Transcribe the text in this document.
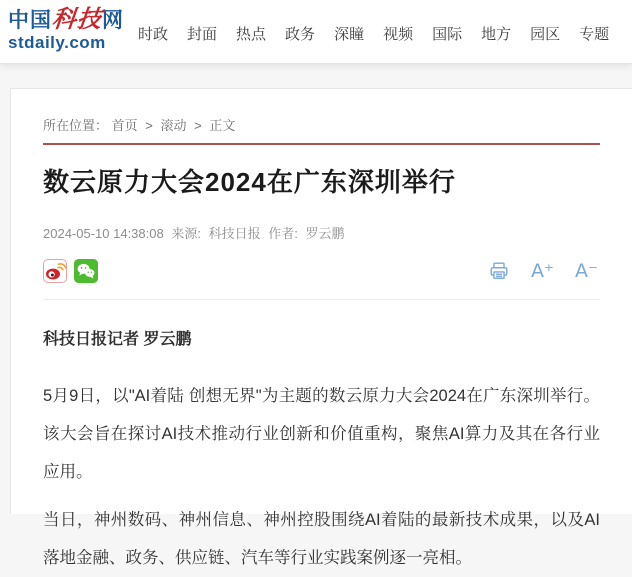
中国科技网
stdaily.com	时政 封面 热点 政务 深瞳 视频 国际 地方 园区 专题
所在位置： 首页 > 滚动 > 正文
数云原力大会2024在广东深圳举行
2024-05-10 14:38:08 来源: 科技日报 作者: 罗云鹏
A⁺ A⁻
科技日报记者 罗云鹏

5月9日，以"AI着陆 创想无界"为主题的数云原力大会2024在广东深圳举行。该大会旨在探讨AI技术推动行业创新和价值重构，聚焦AI算力及其在各行业应用。

当日，神州数码、神州信息、神州控股围绕AI着陆的最新技术成果，以及AI落地金融、政务、供应链、汽车等行业实践案例逐一亮相。
